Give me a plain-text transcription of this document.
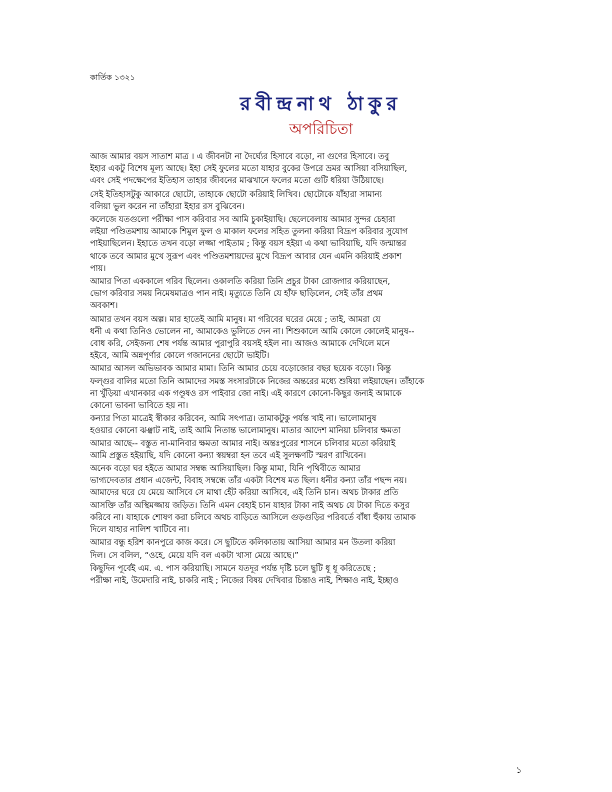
কার্তিক ১৩২১
রবীন্দ্রনাথ ঠাকুর
অপরিচিতা
আজ আমার বয়স সাতাশ মাত্র । এ জীবনটা না দৈর্ঘ্যের হিসাবে বড়ো, না গুণের হিসাবে। তবু
ইহার একটু বিশেষ মূল্য আছে। ইহা সেই ফুলের মতো যাহার বুকের উপরে ভ্রমর আসিয়া বসিয়াছিল,
এবং সেই পদক্ষেপের ইতিহাস তাহার জীবনের মাঝখানে ফলের মতো গুটি ধরিয়া উঠিয়াছে।
সেই ইতিহাসটুকু আকারে ছোটো, তাহাকে ছোটো করিয়াই লিখিব। ছোটোকে যাঁহারা সামান্য
বলিয়া ভুল করেন না তাঁহারা ইহার রস বুঝিবেন।
কলেজে যতগুলো পরীক্ষা পাস করিবার সব আমি চুকাইয়াছি। ছেলেবেলায় আমার সুন্দর চেহারা
লইয়া পণ্ডিতমশায় আমাকে শিমুল ফুল ও মাকাল ফলের সহিত তুলনা করিয়া বিদ্রূপ করিবার সুযোগ
পাইয়াছিলেন। ইহাতে তখন বড়ো লজ্জা পাইতাম ; কিন্তু বয়স হইয়া এ কথা ভাবিয়াছি, যদি জন্মান্তর
থাকে তবে আমার মুখে সুরূপ এবং পণ্ডিতমশায়দের মুখে বিদ্রূপ আবার যেন এমনি করিয়াই প্রকাশ
পায়।
আমার পিতা এককালে গরিব ছিলেন। ওকালতি করিয়া তিনি প্রচুর টাকা রোজগার করিয়াছেন,
ভোগ করিবার সময় নিমেষমাত্রও পান নাই। মৃত্যুতে তিনি যে হাঁফ ছাড়িলেন, সেই তাঁর প্রথম
অবকাশ।
আমার তখন বয়স অল্প। মার হাতেই আমি মানুষ। মা গরিবের ঘরের মেয়ে ; তাই, আমরা যে
ধনী এ কথা তিনিও ভোলেন না, আমাকেও ভুলিতে দেন না। শিশুকালে আমি কোলে কোলেই মানুষ--
বোধ করি, সেইজন্য শেষ পর্যন্ত আমার পুরাপুরি বয়সই হইল না। আজও আমাকে দেখিলে মনে
হইবে, আমি অন্নপূর্ণার কোলে গজাননের ছোটো ভাইটি।
আমার আসল অভিভাবক আমার মামা। তিনি আমার চেয়ে বড়োজোর বছর ছয়েক বড়ো। কিন্তু
ফল্গুর বালির মতো তিনি আমাদের সমস্ত সংসারটাকে নিজের অন্তরের মধ্যে শুষিয়া লইয়াছেন। তাঁহাকে
না খুঁড়িয়া এখানকার এক গণ্ডূষও রস পাইবার জো নাই। এই কারণে কোনো-কিছুর জন্যই আমাকে
কোনো ভাবনা ভাবিতে হয় না।
কন্যার পিতা মাত্রেই স্বীকার করিবেন, আমি সৎপাত্র। তামাকটুকু পর্যন্ত খাই না। ভালোমানুষ
হওয়ার কোনো ঝঞ্ঝাট নাই, তাই আমি নিতান্ত ভালোমানুষ। মাতার আদেশ মানিয়া চলিবার ক্ষমতা
আমার আছে-- বস্তুত না-মানিবার ক্ষমতা আমার নাই। অন্তঃপুরের শাসনে চলিবার মতো করিয়াই
আমি প্রস্তুত হইয়াছি, যদি কোনো কন্যা স্বয়ম্বরা হন তবে এই সুলক্ষণটি স্মরণ রাখিবেন।
অনেক বড়ো ঘর হইতে আমার সম্বন্ধ আসিয়াছিল। কিন্তু মামা, যিনি পৃথিবীতে আমার
ভাগ্যদেবতার প্রধান এজেন্ট, বিবাহ সম্বন্ধে তাঁর একটা বিশেষ মত ছিল। ধনীর কন্যা তাঁর পছন্দ নয়।
আমাদের ঘরে যে মেয়ে আসিবে সে মাথা হেঁট করিয়া আসিবে, এই তিনি চান। অথচ টাকার প্রতি
আসক্তি তাঁর অস্থিমজ্জায় জড়িত। তিনি এমন বেহাই চান যাহার টাকা নাই অথচ যে টাকা দিতে কসুর
করিবে না। যাহাকে শোষণ করা চলিবে অথচ বাড়িতে আসিলে গুড়গুড়ির পরিবর্তে বাঁধা হুঁকায় তামাক
দিলে যাহার নালিশ খাটিবে না।
আমার বন্ধু হরিশ কানপুরে কাজ করে। সে ছুটিতে কলিকাতায় আসিয়া আমার মন উতলা করিয়া
দিল। সে বলিল, “ওহে, মেয়ে যদি বল একটা খাসা মেয়ে আছে।”
কিছুদিন পূর্বেই এম. এ. পাস করিয়াছি। সামনে যতদূর পর্যন্ত দৃষ্টি চলে ছুটি ধূ ধূ করিতেছে ;
পরীক্ষা নাই, উমেদারি নাই, চাকরি নাই ; নিজের বিষয় দেখিবার চিন্তাও নাই, শিক্ষাও নাই, ইচ্ছাও
১
